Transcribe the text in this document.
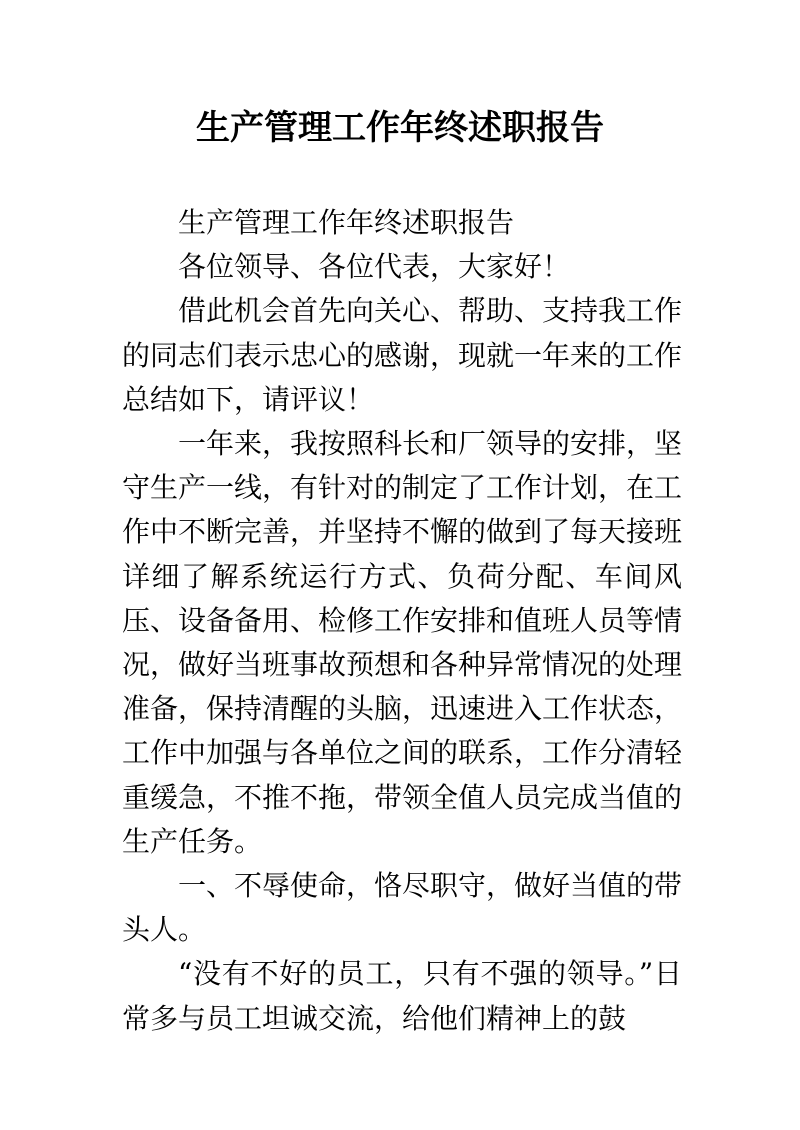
生产管理工作年终述职报告

生产管理工作年终述职报告

各位领导、各位代表，大家好！

借此机会首先向关心、帮助、支持我工作的同志们表示忠心的感谢，现就一年来的工作总结如下，请评议！

一年来，我按照科长和厂领导的安排，坚守生产一线，有针对的制定了工作计划，在工作中不断完善，并坚持不懈的做到了每天接班详细了解系统运行方式、负荷分配、车间风压、设备备用、检修工作安排和值班人员等情况，做好当班事故预想和各种异常情况的处理准备，保持清醒的头脑，迅速进入工作状态，工作中加强与各单位之间的联系，工作分清轻重缓急，不推不拖，带领全值人员完成当值的生产任务。

一、不辱使命，恪尽职守，做好当值的带头人。

“没有不好的员工，只有不强的领导。”日常多与员工坦诚交流，给他们精神上的鼓
